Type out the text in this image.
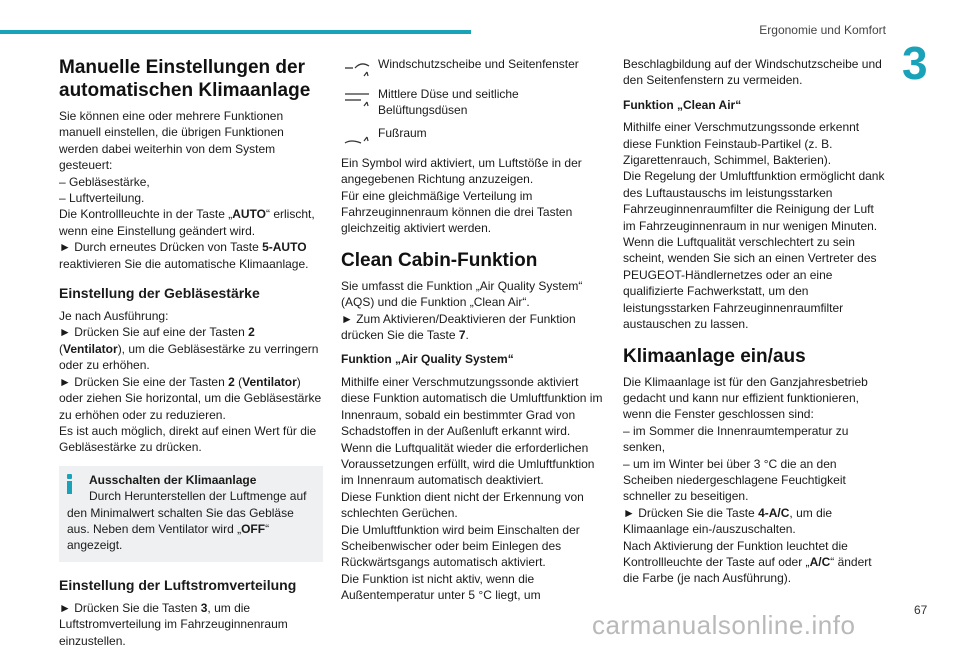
Ergonomie und Komfort
3
Manuelle Einstellungen der automatischen Klimaanlage

Sie können eine oder mehrere Funktionen manuell einstellen, die übrigen Funktionen werden dabei weiterhin von dem System gesteuert:
– Gebläsestärke,
– Luftverteilung.

Die Kontrollleuchte in der Taste „AUTO“ erlischt, wenn eine Einstellung geändert wird.

► Durch erneutes Drücken von Taste 5-AUTO reaktivieren Sie die automatische Klimaanlage.

Einstellung der Gebläsestärke

Je nach Ausführung:

► Drücken Sie auf eine der Tasten 2 (Ventilator), um die Gebläsestärke zu verringern oder zu erhöhen.

► Drücken Sie eine der Tasten 2 (Ventilator) oder ziehen Sie horizontal, um die Gebläsestärke zu erhöhen oder zu reduzieren.

Es ist auch möglich, direkt auf einen Wert für die Gebläsestärke zu drücken.

Ausschalten der Klimaanlage

Durch Herunterstellen der Luftmenge auf den Minimalwert schalten Sie das Gebläse aus. Neben dem Ventilator wird „OFF“ angezeigt.

Einstellung der Luftstromverteilung

► Drücken Sie die Tasten 3, um die Luftstromverteilung im Fahrzeuginnenraum einzustellen.

Windschutzscheibe und Seitenfenster
Mittlere Düse und seitliche Belüftungsdüsen
Fußraum

Ein Symbol wird aktiviert, um Luftstöße in der angegebenen Richtung anzuzeigen.
Für eine gleichmäßige Verteilung im Fahrzeuginnenraum können die drei Tasten gleichzeitig aktiviert werden.

Clean Cabin-Funktion

Sie umfasst die Funktion „Air Quality System“ (AQS) und die Funktion „Clean Air“.

► Zum Aktivieren/Deaktivieren der Funktion drücken Sie die Taste 7.

Funktion „Air Quality System“

Mithilfe einer Verschmutzungssonde aktiviert diese Funktion automatisch die Umluftfunktion im Innenraum, sobald ein bestimmter Grad von Schadstoffen in der Außenluft erkannt wird.
Wenn die Luftqualität wieder die erforderlichen Voraussetzungen erfüllt, wird die Umluftfunktion im Innenraum automatisch deaktiviert.
Diese Funktion dient nicht der Erkennung von schlechten Gerüchen.
Die Umluftfunktion wird beim Einschalten der Scheibenwischer oder beim Einlegen des Rückwärtsgangs automatisch aktiviert.
Die Funktion ist nicht aktiv, wenn die Außentemperatur unter 5 °C liegt, um

Beschlagbildung auf der Windschutzscheibe und den Seitenfenstern zu vermeiden.

Funktion „Clean Air“

Mithilfe einer Verschmutzungssonde erkennt diese Funktion Feinstaub-Partikel (z. B. Zigarettenrauch, Schimmel, Bakterien).
Die Regelung der Umluftfunktion ermöglicht dank des Luftaustauschs im leistungsstarken Fahrzeuginnenraumfilter die Reinigung der Luft im Fahrzeuginnenraum in nur wenigen Minuten.
Wenn die Luftqualität verschlechtert zu sein scheint, wenden Sie sich an einen Vertreter des PEUGEOT-Händlernetzes oder an eine qualifizierte Fachwerkstatt, um den leistungsstarken Fahrzeuginnenraumfilter austauschen zu lassen.

Klimaanlage ein/aus

Die Klimaanlage ist für den Ganzjahresbetrieb gedacht und kann nur effizient funktionieren, wenn die Fenster geschlossen sind:
– im Sommer die Innenraumtemperatur zu senken,
– um im Winter bei über 3 °C die an den Scheiben niedergeschlagene Feuchtigkeit schneller zu beseitigen.

► Drücken Sie die Taste 4-A/C, um die Klimaanlage ein-/auszuschalten.

Nach Aktivierung der Funktion leuchtet die Kontrollleuchte der Taste auf oder „A/C“ ändert die Farbe (je nach Ausführung).

67
carmanualsonline.info
